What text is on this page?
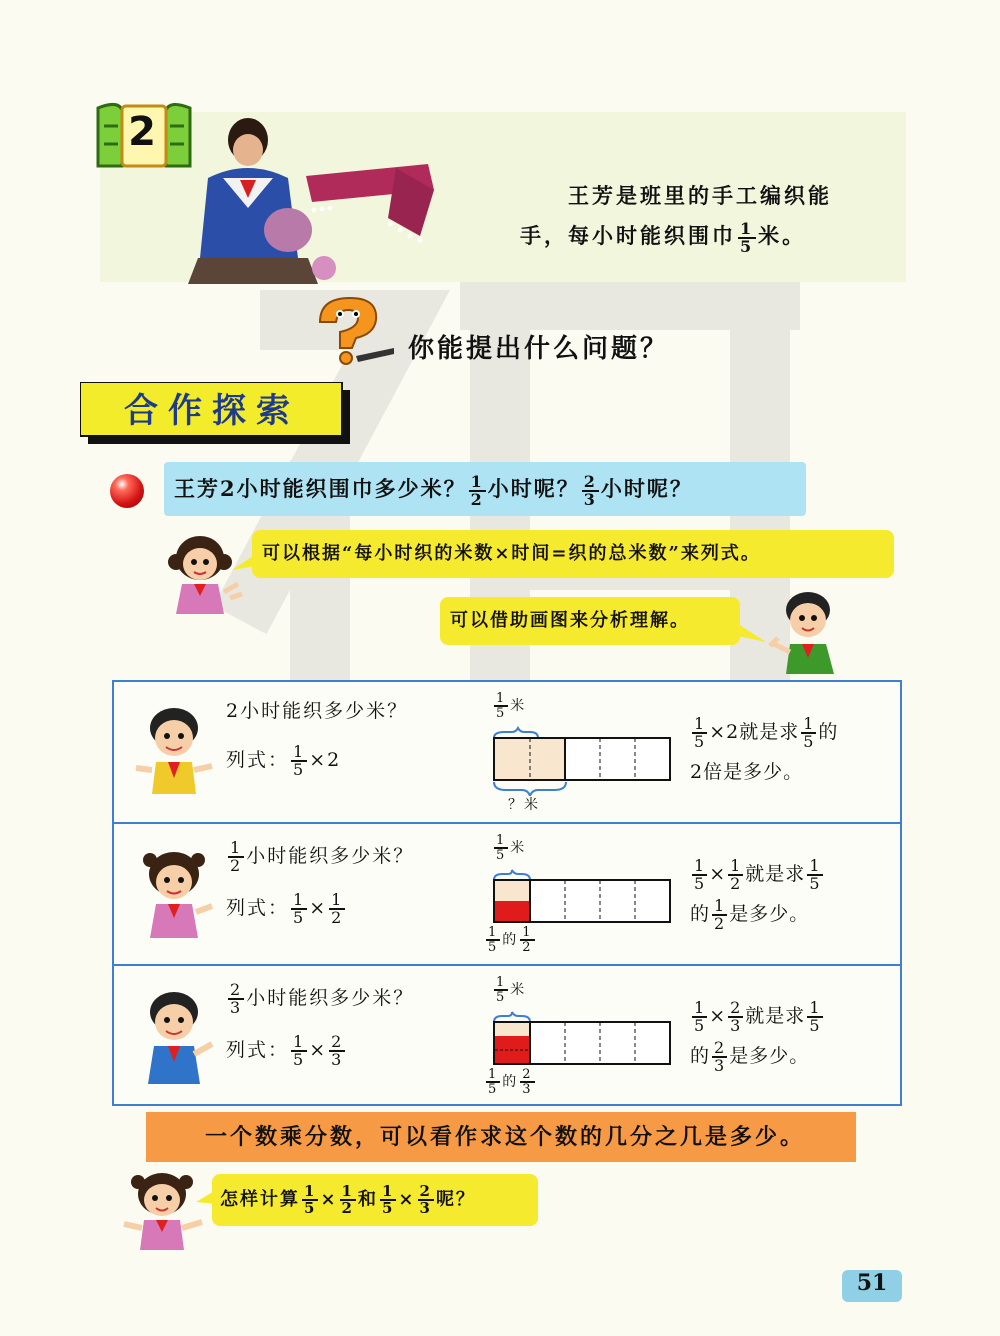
2
王芳是班里的手工编织能
手，每小时能织围巾 $\frac{1}{5}$ 米。
你能提出什么问题？
合作探索
王芳2小时能织围巾多少米？ $\frac{1}{2}$ 小时呢？ $\frac{2}{3}$ 小时呢？
可以根据“每小时织的米数×时间=织的总米数”来列式。
可以借助画图来分析理解。
2小时能织多少米？
列式： $\frac{1}{5} \times 2$
$\frac{1}{5}$ 米
？米
$\frac{1}{5} \times 2$就是求 $\frac{1}{5}$ 的
2倍是多少。
$\frac{1}{2}$ 小时能织多少米？
列式： $\frac{1}{5} \times \frac{1}{2}$
$\frac{1}{5}$ 米
$\frac{1}{5}$ 的 $\frac{1}{2}$
$\frac{1}{5} \times \frac{1}{2}$ 就是求 $\frac{1}{5}$

的 $\frac{1}{2}$ 是多少。
$\frac{2}{3}$ 小时能织多少米？
列式： $\frac{1}{5} \times \frac{2}{3}$
$\frac{1}{5}$ 米
$\frac{1}{5}$ 的 $\frac{2}{3}$
$\frac{1}{5} \times \frac{2}{3}$ 就是求 $\frac{1}{5}$

的 $\frac{2}{3}$ 是多少。
一个数乘分数，可以看作求这个数的几分之几是多少。
怎样计算 $\frac{1}{5} \times \frac{1}{2}$ 和 $\frac{1}{5} \times \frac{2}{3}$ 呢？
51
